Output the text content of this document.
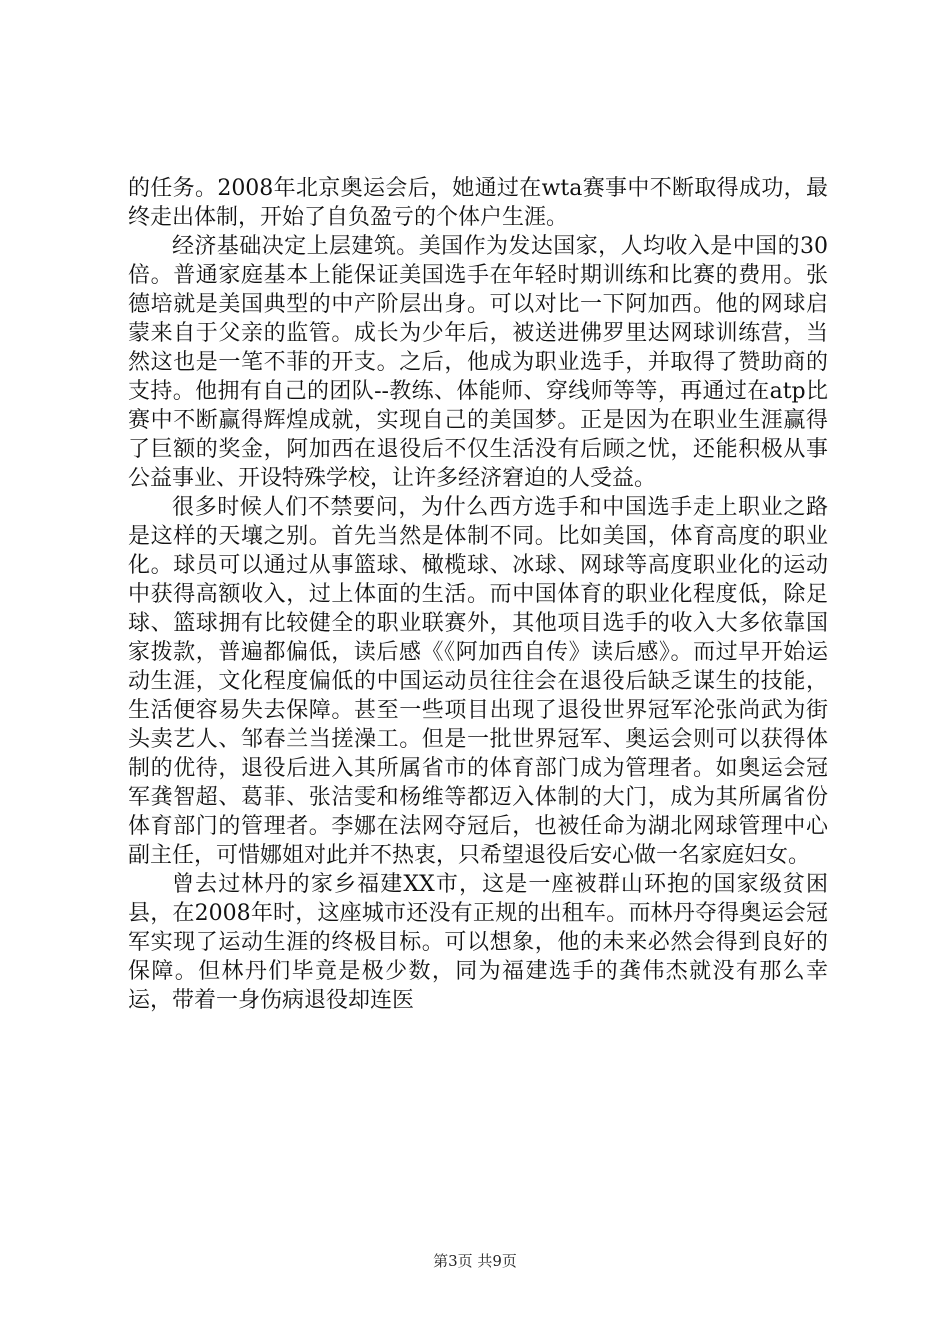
的任务。2008年北京奥运会后，她通过在wta赛事中不断取得成功，最终走出体制，开始了自负盈亏的个体户生涯。

经济基础决定上层建筑。美国作为发达国家，人均收入是中国的30倍。普通家庭基本上能保证美国选手在年轻时期训练和比赛的费用。张德培就是美国典型的中产阶层出身。可以对比一下阿加西。他的网球启蒙来自于父亲的监管。成长为少年后，被送进佛罗里达网球训练营，当然这也是一笔不菲的开支。之后，他成为职业选手，并取得了赞助商的支持。他拥有自己的团队--教练、体能师、穿线师等等，再通过在atp比赛中不断赢得辉煌成就，实现自己的美国梦。正是因为在职业生涯赢得了巨额的奖金，阿加西在退役后不仅生活没有后顾之忧，还能积极从事公益事业、开设特殊学校，让许多经济窘迫的人受益。

很多时候人们不禁要问，为什么西方选手和中国选手走上职业之路是这样的天壤之别。首先当然是体制不同。比如美国，体育高度的职业化。球员可以通过从事篮球、橄榄球、冰球、网球等高度职业化的运动中获得高额收入，过上体面的生活。而中国体育的职业化程度低，除足球、篮球拥有比较健全的职业联赛外，其他项目选手的收入大多依靠国家拨款，普遍都偏低，读后感《《阿加西自传》读后感》。而过早开始运动生涯，文化程度偏低的中国运动员往往会在退役后缺乏谋生的技能，生活便容易失去保障。甚至一些项目出现了退役世界冠军沦张尚武为街头卖艺人、邹春兰当搓澡工。但是一批世界冠军、奥运会则可以获得体制的优待，退役后进入其所属省市的体育部门成为管理者。如奥运会冠军龚智超、葛菲、张洁雯和杨维等都迈入体制的大门，成为其所属省份体育部门的管理者。李娜在法网夺冠后，也被任命为湖北网球管理中心副主任，可惜娜姐对此并不热衷，只希望退役后安心做一名家庭妇女。

曾去过林丹的家乡福建XX市，这是一座被群山环抱的国家级贫困县，在2008年时，这座城市还没有正规的出租车。而林丹夺得奥运会冠军实现了运动生涯的终极目标。可以想象，他的未来必然会得到良好的保障。但林丹们毕竟是极少数，同为福建选手的龚伟杰就没有那么幸运，带着一身伤病退役却连医

第3页 共9页
